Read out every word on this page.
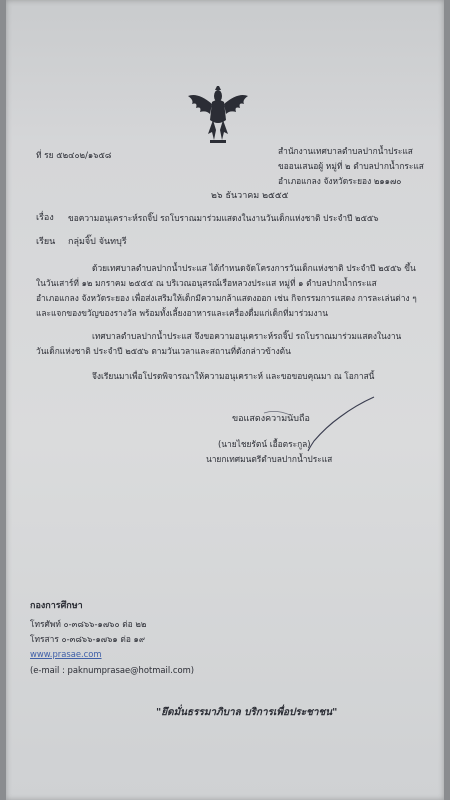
ที่ รย ๕๒๔๐๒/๑๖๕๘	สำนักงานเทศบาลตำบลปากน้ำประแส
ขออนเสนอผู้ หมู่ที่ ๒ ตำบลปากน้ำกระแส
อำเภอแกลง จังหวัดระยอง ๒๑๑๗๐
๒๖ ธันวาคม ๒๕๕๕
เรื่อง ขอความอนุเคราะห์รถจิ๊ป รถโบราณมาร่วมแสดงในงานวันเด็กแห่งชาติ ประจำปี ๒๕๕๖
เรียน กลุ่มจิ๊ป จันทบุรี
ด้วยเทศบาลตำบลปากน้ำประแส ได้กำหนดจัดโครงการวันเด็กแห่งชาติ ประจำปี ๒๕๕๖ ขึ้น
ในวันเสาร์ที่ ๑๒ มกราคม ๒๕๕๕ ณ บริเวณอนุสรณ์เรือหลวงประแส หมู่ที่ ๑ ตำบลปากน้ำกระแส
อำเภอแกลง จังหวัดระยอง เพื่อส่งเสริมให้เด็กมีความกล้าแสดงออก เช่น กิจกรรมการแสดง การละเล่นต่าง ๆ
และแจกของขวัญของรางวัล พร้อมทั้งเลี้ยงอาหารและเครื่องดื่มแก่เด็กที่มาร่วมงาน
เทศบาลตำบลปากน้ำประแส จึงขอความอนุเคราะห์รถจิ๊ป รถโบราณมาร่วมแสดงในงาน
วันเด็กแห่งชาติ ประจำปี ๒๕๕๖ ตามวันเวลาและสถานที่ดังกล่าวข้างต้น
จึงเรียนมาเพื่อโปรดพิจารณาให้ความอนุเคราะห์ และขอขอบคุณมา ณ โอกาสนี้
ขอแสดงความนับถือ
(นายไชยรัตน์ เอื้อตระกูล)
นายกเทศมนตรีตำบลปากน้ำประแส
กองการศึกษา
โทรศัพท์ ๐-๓๘๖๖-๑๗๖๐ ต่อ ๒๒
โทรสาร ๐-๓๘๖๖-๑๗๖๑ ต่อ ๑๙
www.prasae.com
(e-mail : paknumprasae@hotmail.com)
"ยึดมั่นธรรมาภิบาล บริการเพื่อประชาชน"
